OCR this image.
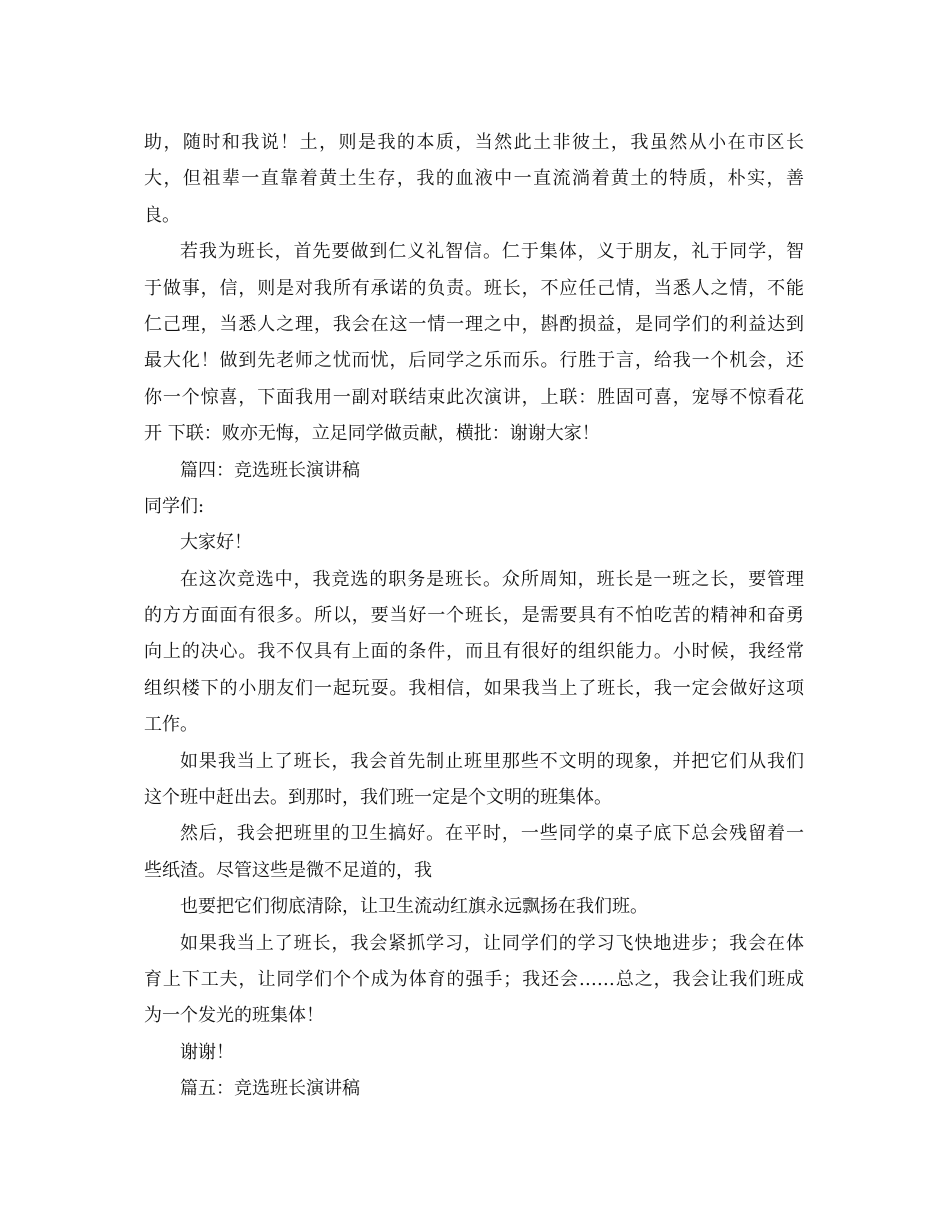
助，随时和我说！土，则是我的本质，当然此土非彼土，我虽然从小在市区长
大，但祖辈一直靠着黄土生存，我的血液中一直流淌着黄土的特质，朴实，善
良。
若我为班长，首先要做到仁义礼智信。仁于集体，义于朋友，礼于同学，智
于做事，信，则是对我所有承诺的负责。班长，不应任己情，当悉人之情，不能
仁己理，当悉人之理，我会在这一情一理之中，斟酌损益，是同学们的利益达到
最大化！做到先老师之忧而忧，后同学之乐而乐。行胜于言，给我一个机会，还
你一个惊喜，下面我用一副对联结束此次演讲，上联：胜固可喜，宠辱不惊看花
开 下联：败亦无悔，立足同学做贡献，横批：谢谢大家！
篇四：竞选班长演讲稿
同学们:
大家好！
在这次竞选中，我竞选的职务是班长。众所周知，班长是一班之长，要管理
的方方面面有很多。所以，要当好一个班长，是需要具有不怕吃苦的精神和奋勇
向上的决心。我不仅具有上面的条件，而且有很好的组织能力。小时候，我经常
组织楼下的小朋友们一起玩耍。我相信，如果我当上了班长，我一定会做好这项
工作。
如果我当上了班长，我会首先制止班里那些不文明的现象，并把它们从我们
这个班中赶出去。到那时，我们班一定是个文明的班集体。
然后，我会把班里的卫生搞好。在平时，一些同学的桌子底下总会残留着一
些纸渣。尽管这些是微不足道的，我
也要把它们彻底清除，让卫生流动红旗永远飘扬在我们班。
如果我当上了班长，我会紧抓学习，让同学们的学习飞快地进步；我会在体
育上下工夫，让同学们个个成为体育的强手；我还会……总之，我会让我们班成
为一个发光的班集体！
谢谢！
篇五：竞选班长演讲稿
